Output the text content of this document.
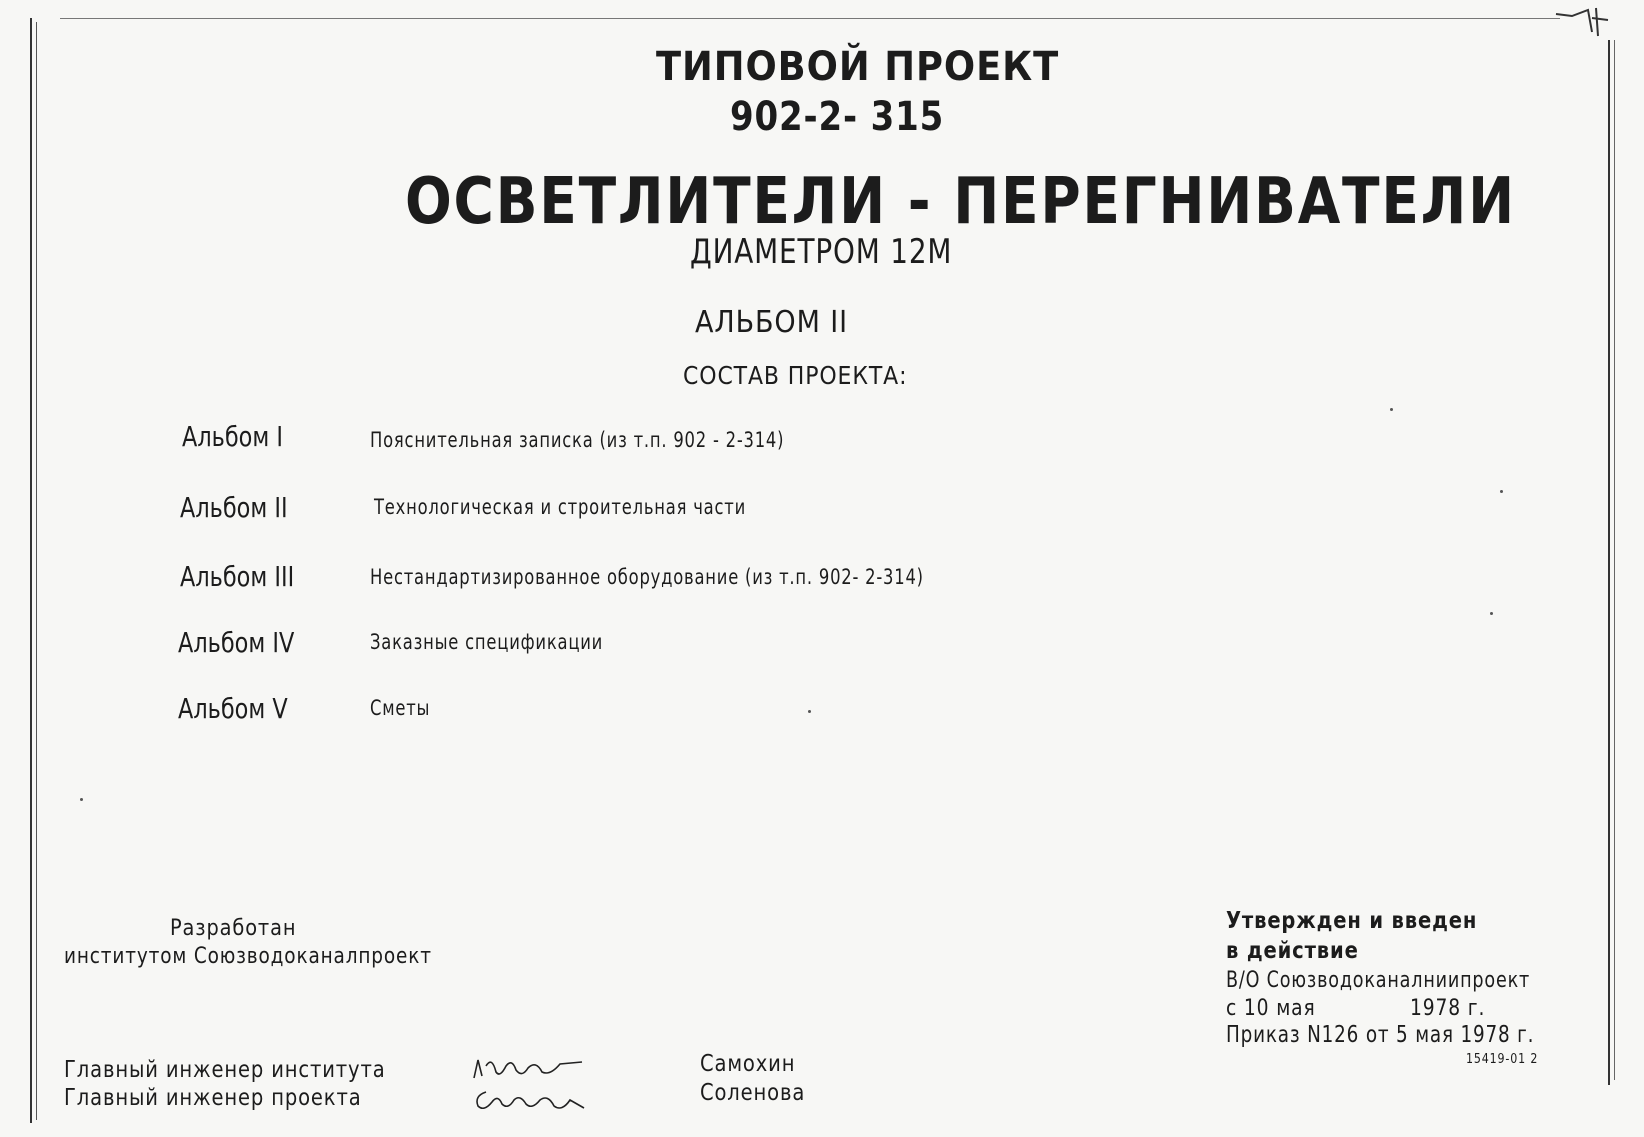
ТИПОВОЙ ПРОЕКТ
902-2- 315
ОСВЕТЛИТЕЛИ - ПЕРЕГНИВАТЕЛИ
ДИАМЕТРОМ 12М
АЛЬБОМ II
СОСТАВ ПРОЕКТА:
Альбом I	Пояснительная записка (из т.п. 902 - 2-314)
Альбом II	Технологическая и строительная части
Альбом III	Нестандартизированное оборудование (из т.п. 902- 2-314)
Альбом IV	Заказные спецификации
Альбом V	Сметы
Разработан
институтом Союзводоканалпроект
Утвержден и введен
в действие
В/О Союзводоканалниипроект
с 10 мая	1978 г.
Приказ N126 от 5 мая 1978 г.
15419-01 2
Главный инженер института
Главный инженер проекта
Самохин
Соленова
